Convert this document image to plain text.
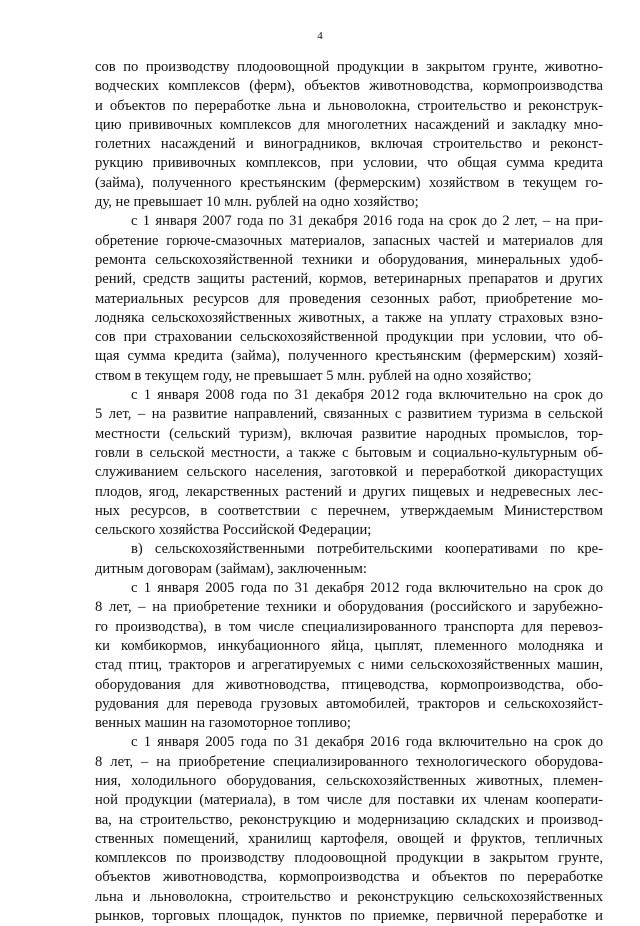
4
сов по производству плодоовощной продукции в закрытом грунте, животно-
водческих комплексов (ферм), объектов животноводства, кормопроизводства
и объектов по переработке льна и льноволокна, строительство и реконструк-
цию прививочных комплексов для многолетних насаждений и закладку мно-
голетних насаждений и виноградников, включая строительство и реконст-
рукцию прививочных комплексов, при условии, что общая сумма кредита
(займа), полученного крестьянским (фермерским) хозяйством в текущем го-
ду, не превышает 10 млн. рублей на одно хозяйство;
с 1 января 2007 года по 31 декабря 2016 года на срок до 2 лет, – на при-
обретение горюче-смазочных материалов, запасных частей и материалов для
ремонта сельскохозяйственной техники и оборудования, минеральных удоб-
рений, средств защиты растений, кормов, ветеринарных препаратов и других
материальных ресурсов для проведения сезонных работ, приобретение мо-
лодняка сельскохозяйственных животных, а также на уплату страховых взно-
сов при страховании сельскохозяйственной продукции при условии, что об-
щая сумма кредита (займа), полученного крестьянским (фермерским) хозяй-
ством в текущем году, не превышает 5 млн. рублей на одно хозяйство;
с 1 января 2008 года по 31 декабря 2012 года включительно на срок до
5 лет, – на развитие направлений, связанных с развитием туризма в сельской
местности (сельский туризм), включая развитие народных промыслов, тор-
говли в сельской местности, а также с бытовым и социально-культурным об-
служиванием сельского населения, заготовкой и переработкой дикорастущих
плодов, ягод, лекарственных растений и других пищевых и недревесных лес-
ных ресурсов, в соответствии с перечнем, утверждаемым Министерством
сельского хозяйства Российской Федерации;
в) сельскохозяйственными потребительскими кооперативами по кре-
дитным договорам (займам), заключенным:
с 1 января 2005 года по 31 декабря 2012 года включительно на срок до
8 лет, – на приобретение техники и оборудования (российского и зарубежно-
го производства), в том числе специализированного транспорта для перевоз-
ки комбикормов, инкубационного яйца, цыплят, племенного молодняка и
стад птиц, тракторов и агрегатируемых с ними сельскохозяйственных машин,
оборудования для животноводства, птицеводства, кормопроизводства, обо-
рудования для перевода грузовых автомобилей, тракторов и сельскохозяйст-
венных машин на газомоторное топливо;
с 1 января 2005 года по 31 декабря 2016 года включительно на срок до
8 лет, – на приобретение специализированного технологического оборудова-
ния, холодильного оборудования, сельскохозяйственных животных, племен-
ной продукции (материала), в том числе для поставки их членам кооперати-
ва, на строительство, реконструкцию и модернизацию складских и производ-
ственных помещений, хранилищ картофеля, овощей и фруктов, тепличных
комплексов по производству плодоовощной продукции в закрытом грунте,
объектов животноводства, кормопроизводства и объектов по переработке
льна и льноволокна, строительство и реконструкцию сельскохозяйственных
рынков, торговых площадок, пунктов по приемке, первичной переработке и
